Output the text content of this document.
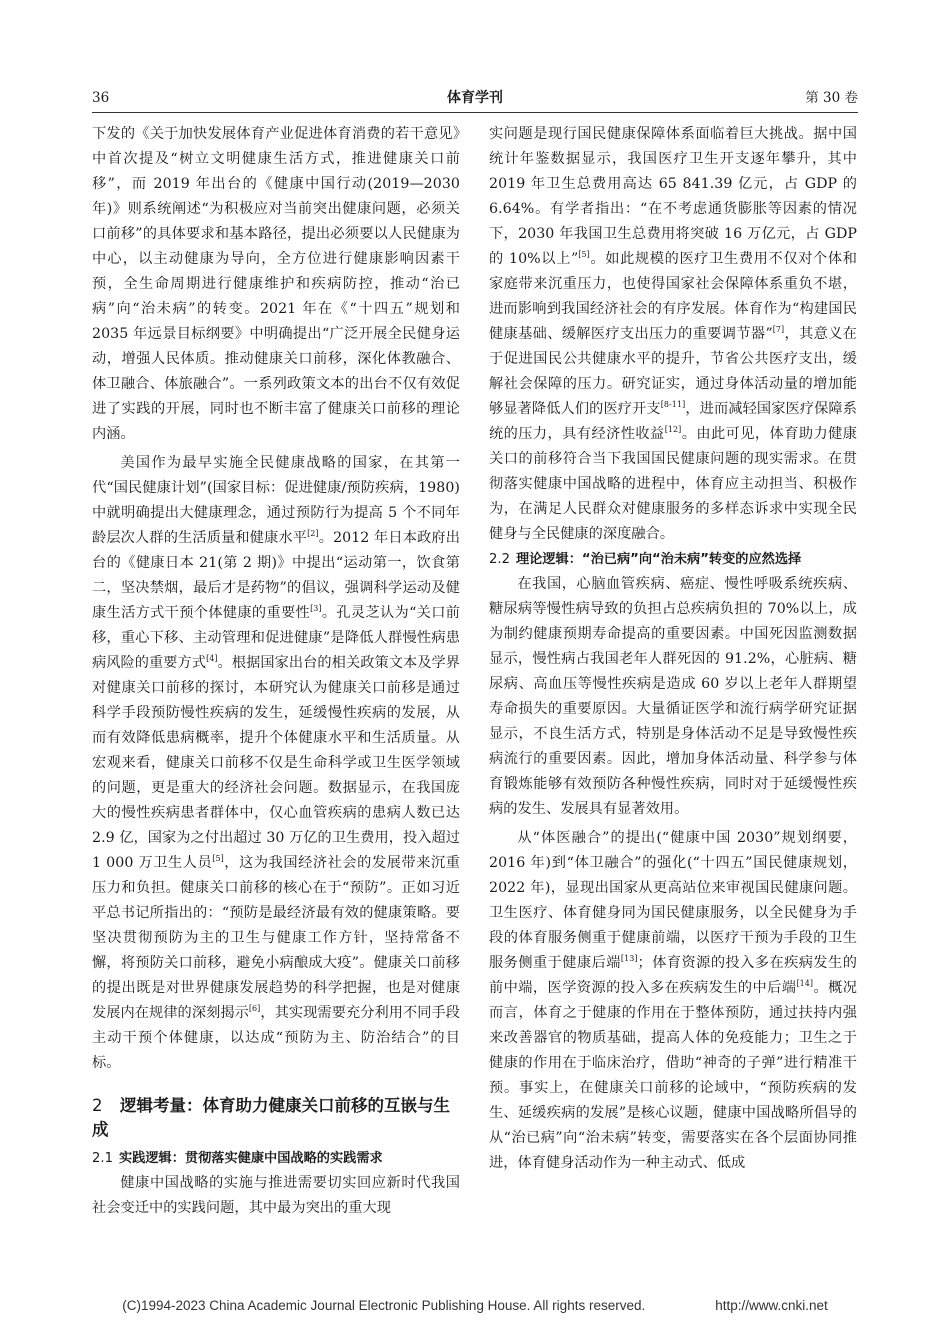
36	体育学刊	第 30 卷

下发的《关于加快发展体育产业促进体育消费的若干意见》中首次提及“树立文明健康生活方式，推进健康关口前移”，而 2019 年出台的《健康中国行动(2019—2030 年)》则系统阐述“为积极应对当前突出健康问题，必须关口前移”的具体要求和基本路径，提出必须要以人民健康为中心，以主动健康为导向，全方位进行健康影响因素干预，全生命周期进行健康维护和疾病防控，推动“治已病”向“治未病”的转变。2021 年在《“十四五”规划和 2035 年远景目标纲要》中明确提出“广泛开展全民健身运动，增强人民体质。推动健康关口前移，深化体教融合、体卫融合、体旅融合”。一系列政策文本的出台不仅有效促进了实践的开展，同时也不断丰富了健康关口前移的理论内涵。

美国作为最早实施全民健康战略的国家，在其第一代“国民健康计划”(国家目标：促进健康/预防疾病，1980)中就明确提出大健康理念，通过预防行为提高 5 个不同年龄层次人群的生活质量和健康水平[2]。2012 年日本政府出台的《健康日本 21(第 2 期)》中提出“运动第一，饮食第二，坚决禁烟，最后才是药物”的倡议，强调科学运动及健康生活方式干预个体健康的重要性[3]。孔灵芝认为“关口前移，重心下移、主动管理和促进健康”是降低人群慢性病患病风险的重要方式[4]。根据国家出台的相关政策文本及学界对健康关口前移的探讨，本研究认为健康关口前移是通过科学手段预防慢性疾病的发生，延缓慢性疾病的发展，从而有效降低患病概率，提升个体健康水平和生活质量。从宏观来看，健康关口前移不仅是生命科学或卫生医学领域的问题，更是重大的经济社会问题。数据显示，在我国庞大的慢性疾病患者群体中，仅心血管疾病的患病人数已达 2.9 亿，国家为之付出超过 30 万亿的卫生费用，投入超过 1 000 万卫生人员[5]，这为我国经济社会的发展带来沉重压力和负担。健康关口前移的核心在于“预防”。正如习近平总书记所指出的：“预防是最经济最有效的健康策略。要坚决贯彻预防为主的卫生与健康工作方针，坚持常备不懈，将预防关口前移，避免小病酿成大疫”。健康关口前移的提出既是对世界健康发展趋势的科学把握，也是对健康发展内在规律的深刻揭示[6]，其实现需要充分利用不同手段主动干预个体健康，以达成“预防为主、防治结合”的目标。

2 逻辑考量：体育助力健康关口前移的互嵌与生成
2.1 实践逻辑：贯彻落实健康中国战略的实践需求

健康中国战略的实施与推进需要切实回应新时代我国社会变迁中的实践问题，其中最为突出的重大现

实问题是现行国民健康保障体系面临着巨大挑战。据中国统计年鉴数据显示，我国医疗卫生开支逐年攀升，其中 2019 年卫生总费用高达 65 841.39 亿元，占 GDP 的 6.64%。有学者指出：“在不考虑通货膨胀等因素的情况下，2030 年我国卫生总费用将突破 16 万亿元，占 GDP 的 10%以上”[5]。如此规模的医疗卫生费用不仅对个体和家庭带来沉重压力，也使得国家社会保障体系重负不堪，进而影响到我国经济社会的有序发展。体育作为“构建国民健康基础、缓解医疗支出压力的重要调节器”[7]，其意义在于促进国民公共健康水平的提升，节省公共医疗支出，缓解社会保障的压力。研究证实，通过身体活动量的增加能够显著降低人们的医疗开支[8-11]，进而减轻国家医疗保障系统的压力，具有经济性收益[12]。由此可见，体育助力健康关口的前移符合当下我国国民健康问题的现实需求。在贯彻落实健康中国战略的进程中，体育应主动担当、积极作为，在满足人民群众对健康服务的多样态诉求中实现全民健身与全民健康的深度融合。

2.2 理论逻辑：“治已病”向“治未病”转变的应然选择

在我国，心脑血管疾病、癌症、慢性呼吸系统疾病、糖尿病等慢性病导致的负担占总疾病负担的 70%以上，成为制约健康预期寿命提高的重要因素。中国死因监测数据显示，慢性病占我国老年人群死因的 91.2%，心脏病、糖尿病、高血压等慢性疾病是造成 60 岁以上老年人群期望寿命损失的重要原因。大量循证医学和流行病学研究证据显示，不良生活方式，特别是身体活动不足是导致慢性疾病流行的重要因素。因此，增加身体活动量、科学参与体育锻炼能够有效预防各种慢性疾病，同时对于延缓慢性疾病的发生、发展具有显著效用。

从“体医融合”的提出(“健康中国 2030”规划纲要，2016 年)到“体卫融合”的强化(“十四五”国民健康规划，2022 年)，显现出国家从更高站位来审视国民健康问题。卫生医疗、体育健身同为国民健康服务，以全民健身为手段的体育服务侧重于健康前端，以医疗干预为手段的卫生服务侧重于健康后端[13]；体育资源的投入多在疾病发生的前中端，医学资源的投入多在疾病发生的中后端[14]。概况而言，体育之于健康的作用在于整体预防，通过扶持内强来改善器官的物质基础，提高人体的免疫能力；卫生之于健康的作用在于临床治疗，借助“神奇的子弹”进行精准干预。事实上，在健康关口前移的论域中，“预防疾病的发生、延缓疾病的发展”是核心议题，健康中国战略所倡导的从“治已病”向“治未病”转变，需要落实在各个层面协同推进，体育健身活动作为一种主动式、低成

(C)1994-2023 China Academic Journal Electronic Publishing House. All rights reserved.	http://www.cnki.net
